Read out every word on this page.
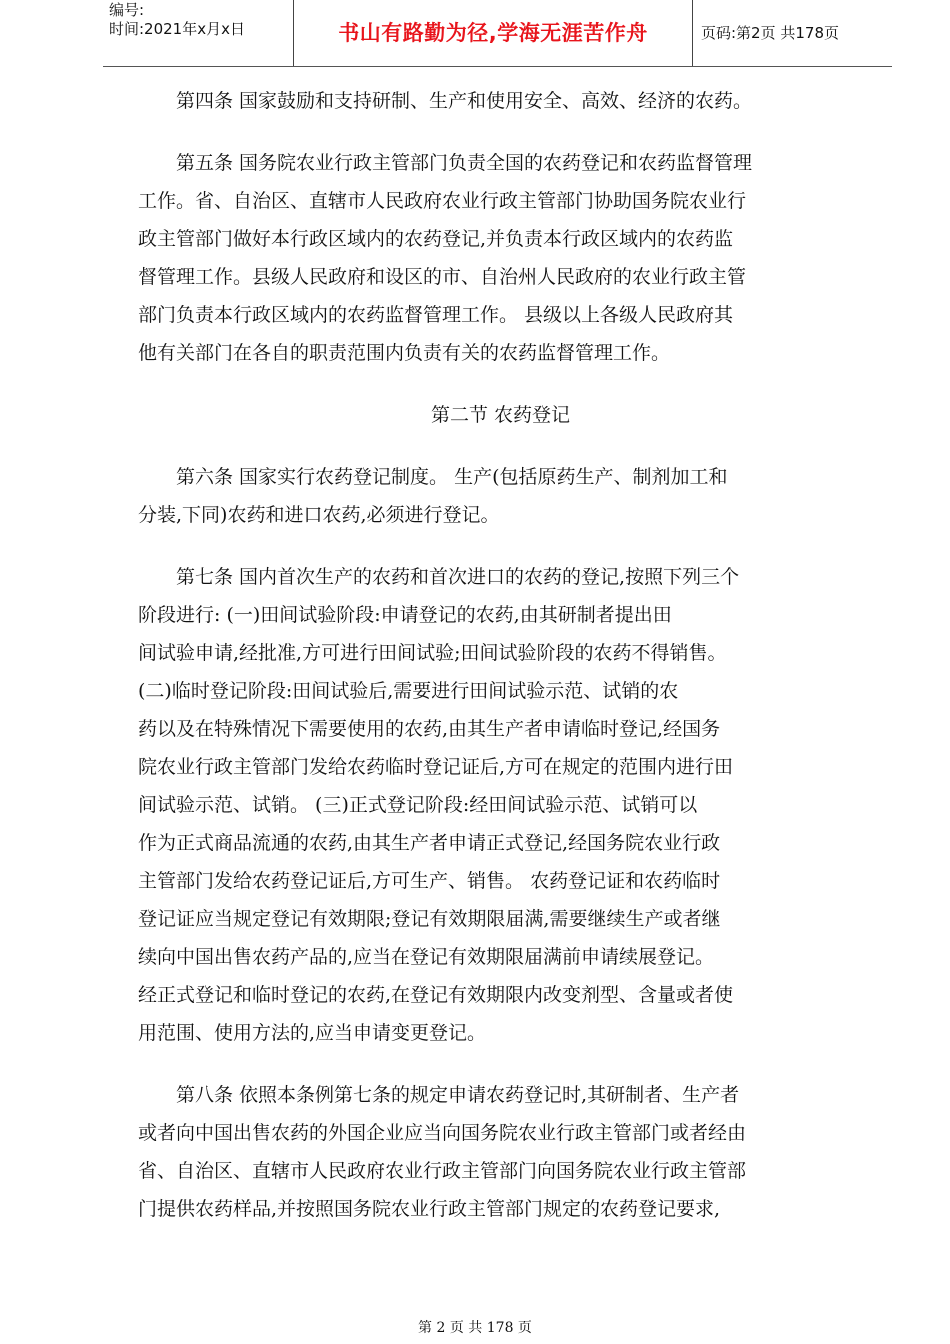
编号:
时间:2021年x月x日	书山有路勤为径,学海无涯苦作舟	页码:第2页 共178页
第四条 国家鼓励和支持研制、生产和使用安全、高效、经济的农药。
第五条 国务院农业行政主管部门负责全国的农药登记和农药监督管理
工作。省、自治区、直辖市人民政府农业行政主管部门协助国务院农业行
政主管部门做好本行政区域内的农药登记,并负责本行政区域内的农药监
督管理工作。县级人民政府和设区的市、自治州人民政府的农业行政主管
部门负责本行政区域内的农药监督管理工作。 县级以上各级人民政府其
他有关部门在各自的职责范围内负责有关的农药监督管理工作。
第二节 农药登记
第六条 国家实行农药登记制度。 生产(包括原药生产、制剂加工和
分装,下同)农药和进口农药,必须进行登记。
第七条 国内首次生产的农药和首次进口的农药的登记,按照下列三个
阶段进行: (一)田间试验阶段:申请登记的农药,由其研制者提出田
间试验申请,经批准,方可进行田间试验;田间试验阶段的农药不得销售。
(二)临时登记阶段:田间试验后,需要进行田间试验示范、试销的农
药以及在特殊情况下需要使用的农药,由其生产者申请临时登记,经国务
院农业行政主管部门发给农药临时登记证后,方可在规定的范围内进行田
间试验示范、试销。 (三)正式登记阶段:经田间试验示范、试销可以
作为正式商品流通的农药,由其生产者申请正式登记,经国务院农业行政
主管部门发给农药登记证后,方可生产、销售。 农药登记证和农药临时
登记证应当规定登记有效期限;登记有效期限届满,需要继续生产或者继
续向中国出售农药产品的,应当在登记有效期限届满前申请续展登记。
经正式登记和临时登记的农药,在登记有效期限内改变剂型、含量或者使
用范围、使用方法的,应当申请变更登记。
第八条 依照本条例第七条的规定申请农药登记时,其研制者、生产者
或者向中国出售农药的外国企业应当向国务院农业行政主管部门或者经由
省、自治区、直辖市人民政府农业行政主管部门向国务院农业行政主管部
门提供农药样品,并按照国务院农业行政主管部门规定的农药登记要求,
第 2 页 共 178 页
